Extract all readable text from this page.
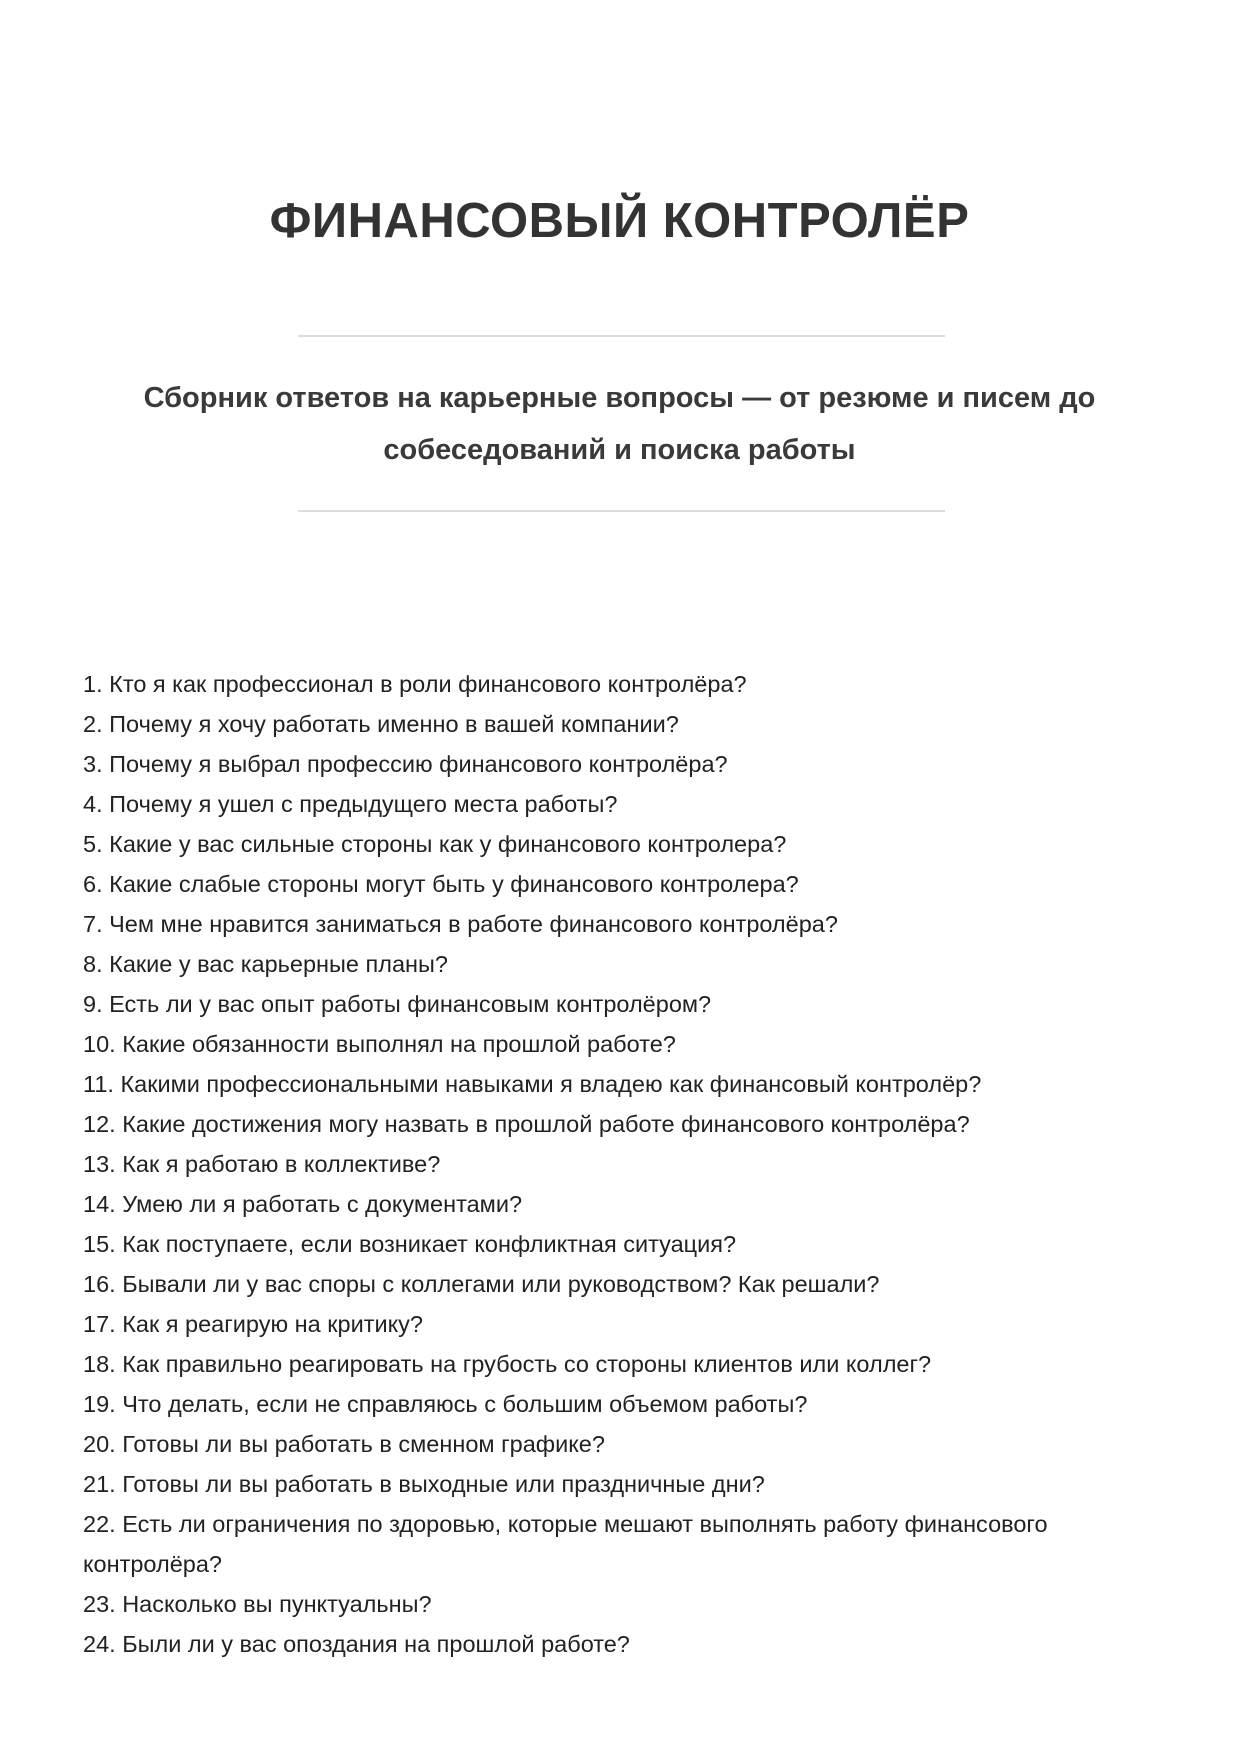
ФИНАНСОВЫЙ КОНТРОЛЁР

Сборник ответов на карьерные вопросы — от резюме и писем до собеседований и поиска работы

1. Кто я как профессионал в роли финансового контролёра?
2. Почему я хочу работать именно в вашей компании?
3. Почему я выбрал профессию финансового контролёра?
4. Почему я ушел с предыдущего места работы?
5. Какие у вас сильные стороны как у финансового контролера?
6. Какие слабые стороны могут быть у финансового контролера?
7. Чем мне нравится заниматься в работе финансового контролёра?
8. Какие у вас карьерные планы?
9. Есть ли у вас опыт работы финансовым контролёром?
10. Какие обязанности выполнял на прошлой работе?
11. Какими профессиональными навыками я владею как финансовый контролёр?
12. Какие достижения могу назвать в прошлой работе финансового контролёра?
13. Как я работаю в коллективе?
14. Умею ли я работать с документами?
15. Как поступаете, если возникает конфликтная ситуация?
16. Бывали ли у вас споры с коллегами или руководством? Как решали?
17. Как я реагирую на критику?
18. Как правильно реагировать на грубость со стороны клиентов или коллег?
19. Что делать, если не справляюсь с большим объемом работы?
20. Готовы ли вы работать в сменном графике?
21. Готовы ли вы работать в выходные или праздничные дни?
22. Есть ли ограничения по здоровью, которые мешают выполнять работу финансового контролёра?
23. Насколько вы пунктуальны?
24. Были ли у вас опоздания на прошлой работе?
